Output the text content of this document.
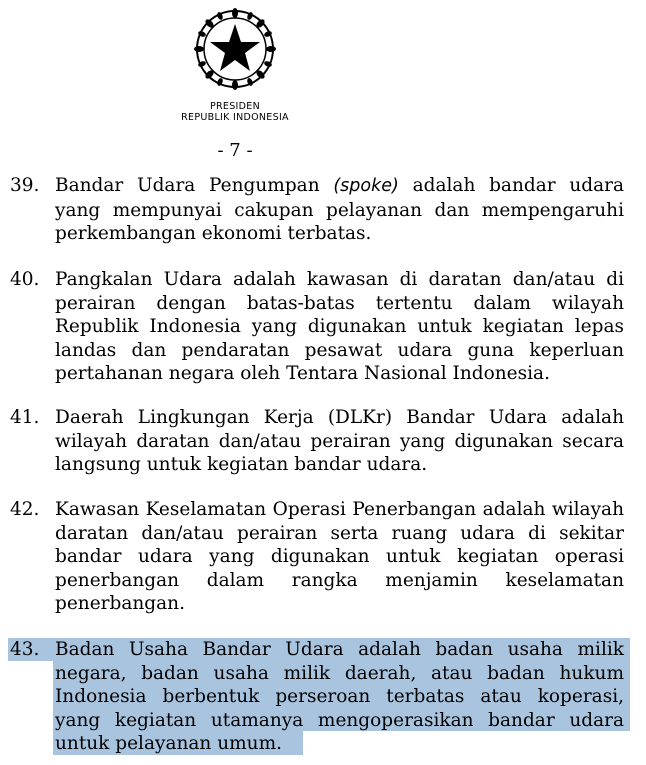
PRESIDEN
REPUBLIK INDONESIA
- 7 -
39. Bandar Udara Pengumpan (spoke) adalah bandar udara yang mempunyai cakupan pelayanan dan mempengaruhi perkembangan ekonomi terbatas.
40. Pangkalan Udara adalah kawasan di daratan dan/atau di perairan dengan batas-batas tertentu dalam wilayah Republik Indonesia yang digunakan untuk kegiatan lepas landas dan pendaratan pesawat udara guna keperluan pertahanan negara oleh Tentara Nasional Indonesia.
41. Daerah Lingkungan Kerja (DLKr) Bandar Udara adalah wilayah daratan dan/atau perairan yang digunakan secara langsung untuk kegiatan bandar udara.
42. Kawasan Keselamatan Operasi Penerbangan adalah wilayah daratan dan/atau perairan serta ruang udara di sekitar bandar udara yang digunakan untuk kegiatan operasi penerbangan dalam rangka menjamin keselamatan penerbangan.
43. Badan Usaha Bandar Udara adalah badan usaha milik negara, badan usaha milik daerah, atau badan hukum Indonesia berbentuk perseroan terbatas atau koperasi, yang kegiatan utamanya mengoperasikan bandar udara untuk pelayanan umum.
